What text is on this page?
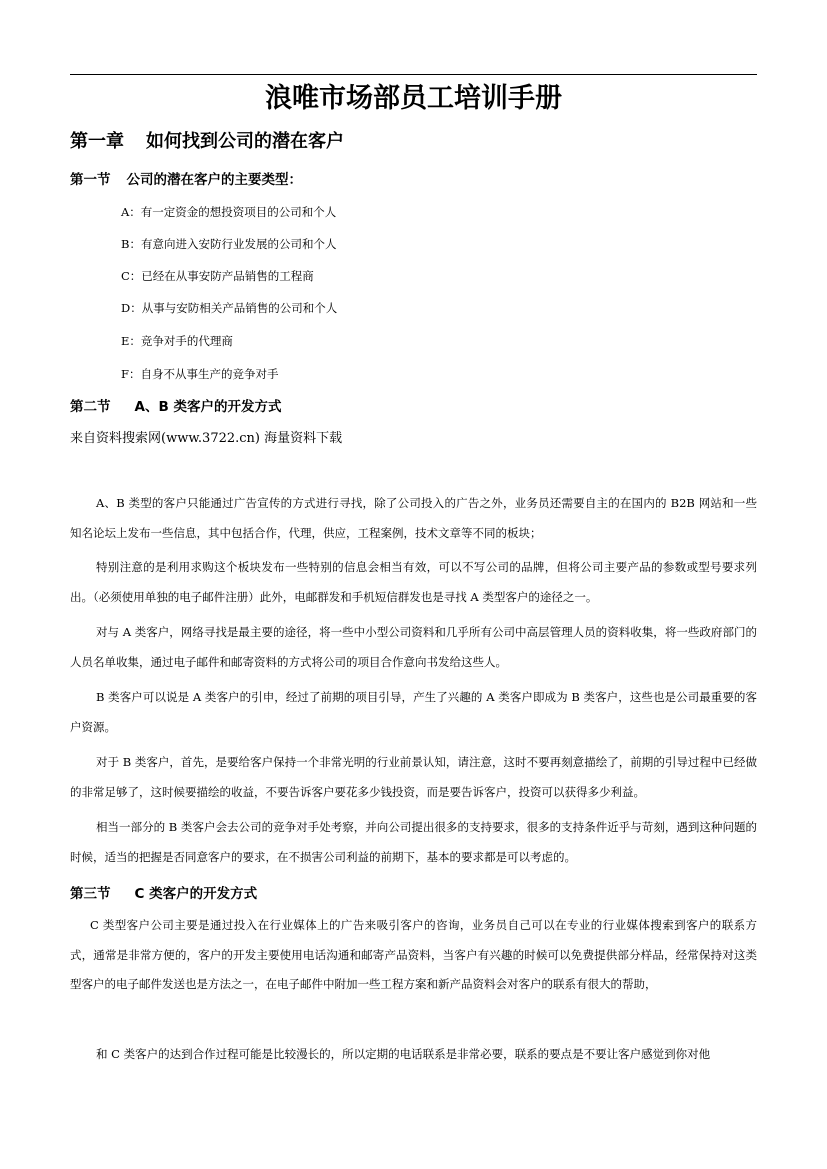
浪唯市场部员工培训手册
第一章 如何找到公司的潜在客户
第一节 公司的潜在客户的主要类型：
A：有一定资金的想投资项目的公司和个人
B：有意向进入安防行业发展的公司和个人
C：已经在从事安防产品销售的工程商
D：从事与安防相关产品销售的公司和个人
E：竞争对手的代理商
F：自身不从事生产的竞争对手
第二节 A、B 类客户的开发方式
来自资料搜索网(www.3722.cn) 海量资料下载

A、B 类型的客户只能通过广告宣传的方式进行寻找，除了公司投入的广告之外，业务员还需要自主的在国内的 B2B 网站和一些知名论坛上发布一些信息，其中包括合作，代理，供应，工程案例，技术文章等不同的板块；

特别注意的是利用求购这个板块发布一些特别的信息会相当有效，可以不写公司的品牌，但将公司主要产品的参数或型号要求列出。（必须使用单独的电子邮件注册）此外，电邮群发和手机短信群发也是寻找 A 类型客户的途径之一。

对与 A 类客户，网络寻找是最主要的途径，将一些中小型公司资料和几乎所有公司中高层管理人员的资料收集，将一些政府部门的人员名单收集，通过电子邮件和邮寄资料的方式将公司的项目合作意向书发给这些人。

B 类客户可以说是 A 类客户的引申，经过了前期的项目引导，产生了兴趣的 A 类客户即成为 B 类客户，这些也是公司最重要的客户资源。

对于 B 类客户，首先，是要给客户保持一个非常光明的行业前景认知，请注意，这时不要再刻意描绘了，前期的引导过程中已经做的非常足够了，这时候要描绘的收益，不要告诉客户要花多少钱投资，而是要告诉客户，投资可以获得多少利益。

相当一部分的 B 类客户会去公司的竞争对手处考察，并向公司提出很多的支持要求，很多的支持条件近乎与苛刻，遇到这种问题的时候，适当的把握是否同意客户的要求，在不损害公司利益的前期下，基本的要求都是可以考虑的。

第三节 C 类客户的开发方式

C 类型客户公司主要是通过投入在行业媒体上的广告来吸引客户的咨询，业务员自己可以在专业的行业媒体搜索到客户的联系方式，通常是非常方便的，客户的开发主要使用电话沟通和邮寄产品资料，当客户有兴趣的时候可以免费提供部分样品，经常保持对这类型客户的电子邮件发送也是方法之一，在电子邮件中附加一些工程方案和新产品资料会对客户的联系有很大的帮助，

和 C 类客户的达到合作过程可能是比较漫长的，所以定期的电话联系是非常必要，联系的要点是不要让客户感觉到你对他
